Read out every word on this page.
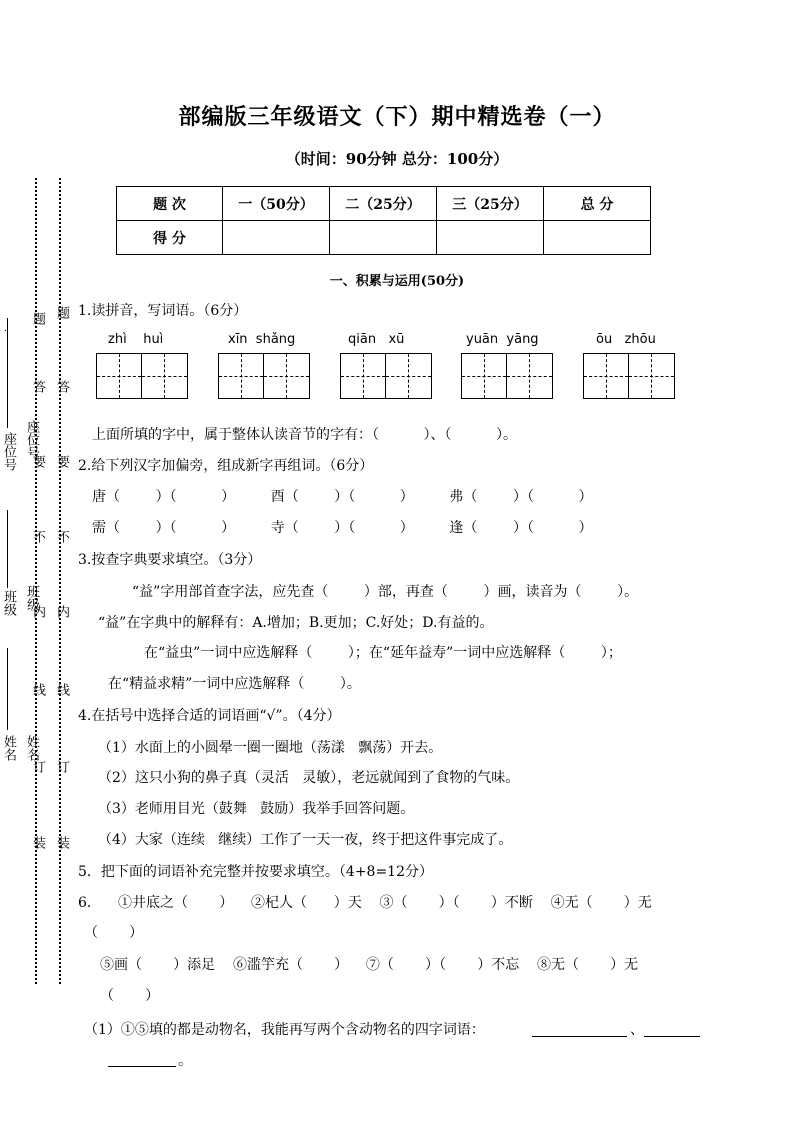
座位号
班级
姓名
座位号
班级
姓名
题
答
要
不
内
线
订
装
题
答
要
不
内
线
订
装
部编版三年级语文（下）期中精选卷（一）
（时间：90分钟 总分：100分）
题 次	一（50分）	二（25分）	三（25分）	总 分
得 分				
一、积累与运用(50分)
1.读拼音，写词语。（6分）
zhì    huì	xīn  shǎng	qiān   xū	yuān  yāng	ōu   zhōu
上面所填的字中，属于整体认读音节的字有：（          ）、（          ）。
2.给下列汉字加偏旁，组成新字再组词。（6分）
唐（        ）（          ）        酉（        ）（          ）        弗（        ）（          ）
需（        ）（          ）        寺（        ）（          ）        逢（        ）（          ）
3.按查字典要求填空。（3分）
“益”字用部首查字法，应先查（        ）部，再查（        ）画，读音为（        ）。
“益”在字典中的解释有：A.增加；B.更加；C.好处；D.有益的。
在“益虫”一词中应选解释（        ）；在“延年益寿”一词中应选解释（        ）；
在“精益求精”一词中应选解释（        ）。
4.在括号中选择合适的词语画“√”。（4分）
（1）水面上的小圆晕一圈一圈地（荡漾   飘荡）开去。
（2）这只小狗的鼻子真（灵活   灵敏），老远就闻到了食物的气味。
（3）老师用目光（鼓舞   鼓励）我举手回答问题。
（4）大家（连续   继续）工作了一天一夜，终于把这件事完成了。
5．把下面的词语补充完整并按要求填空。（4+8=12分）
6.      ①井底之（       ）    ②杞人（      ）天    ③（       ）（       ）不断    ④无（       ）无
（       ）
⑤画（       ）添足    ⑥滥竽充（       ）    ⑦（       ）（       ）不忘    ⑧无（       ）无
（       ）
（1）①⑤填的都是动物名，我能再写两个含动物名的四字词语：	、
。
